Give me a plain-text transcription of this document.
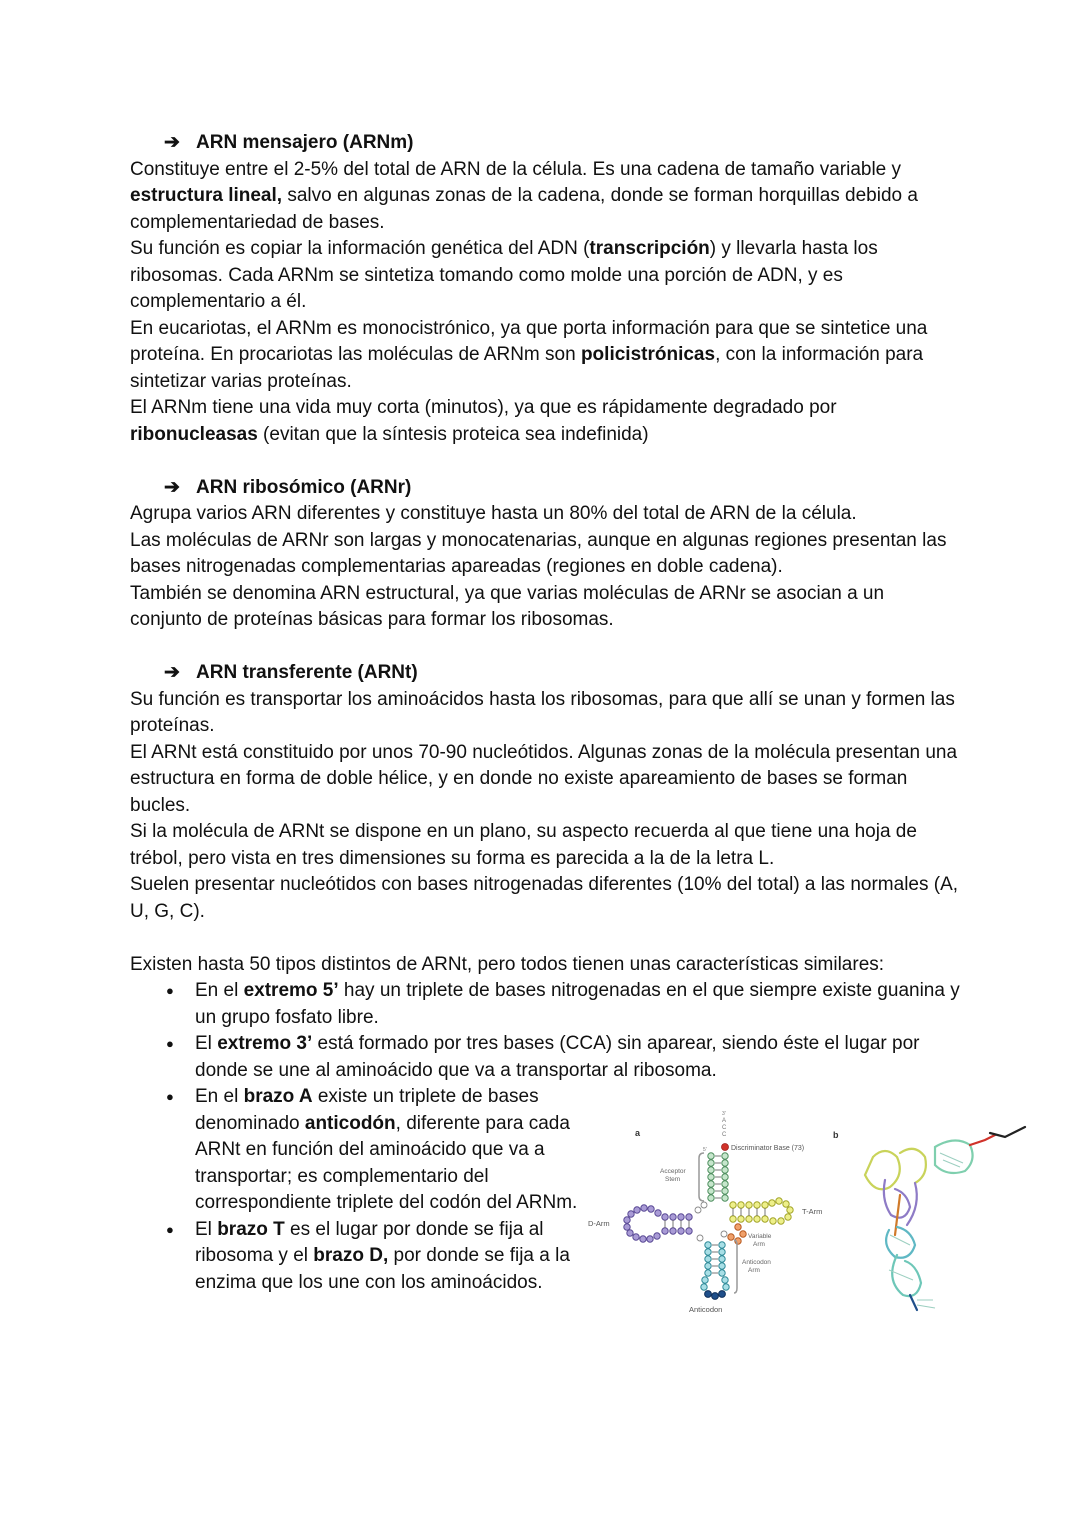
➔ ARN mensajero (ARNm)

Constituye entre el 2-5% del total de ARN de la célula. Es una cadena de tamaño variable y estructura lineal, salvo en algunas zonas de la cadena, donde se forman horquillas debido a complementariedad de bases.

Su función es copiar la información genética del ADN (transcripción) y llevarla hasta los ribosomas. Cada ARNm se sintetiza tomando como molde una porción de ADN, y es complementario a él.

En eucariotas, el ARNm es monocistrónico, ya que porta información para que se sintetice una proteína. En procariotas las moléculas de ARNm son policistrónicas, con la información para sintetizar varias proteínas.

El ARNm tiene una vida muy corta (minutos), ya que es rápidamente degradado por ribonucleasas (evitan que la síntesis proteica sea indefinida)

➔ ARN ribosómico (ARNr)

Agrupa varios ARN diferentes y constituye hasta un 80% del total de ARN de la célula.

Las moléculas de ARNr son largas y monocatenarias, aunque en algunas regiones presentan las bases nitrogenadas complementarias apareadas (regiones en doble cadena).

También se denomina ARN estructural, ya que varias moléculas de ARNr se asocian a un conjunto de proteínas básicas para formar los ribosomas.

➔ ARN transferente (ARNt)

Su función es transportar los aminoácidos hasta los ribosomas, para que allí se unan y formen las proteínas.

El ARNt está constituido por unos 70-90 nucleótidos. Algunas zonas de la molécula presentan una estructura en forma de doble hélice, y en donde no existe apareamiento de bases se forman bucles.

Si la molécula de ARNt se dispone en un plano, su aspecto recuerda al que tiene una hoja de trébol, pero vista en tres dimensiones su forma es parecida a la de la letra L.

Suelen presentar nucleótidos con bases nitrogenadas diferentes (10% del total) a las normales (A, U, G, C).

Existen hasta 50 tipos distintos de ARNt, pero todos tienen unas características similares:

● En el extremo 5’ hay un triplete de bases nitrogenadas en el que siempre existe guanina y un grupo fosfato libre.
● El extremo 3’ está formado por tres bases (CCA) sin aparear, siendo éste el lugar por donde se une al aminoácido que va a transportar al ribosoma.
● En el brazo A existe un triplete de bases denominado anticodón, diferente para cada ARNt en función del aminoácido que va a transportar; es complementario del correspondiente triplete del codón del ARNm.
● El brazo T es el lugar por donde se fija al ribosoma y el brazo D, por donde se fija a la enzima que los une con los aminoácidos.
a	b
3'
A
C
C
Discriminator Base (73)
5'
Acceptor
Stem
D-Arm
T-Arm
Variable
Arm
Anticodon
Arm
Anticodon
